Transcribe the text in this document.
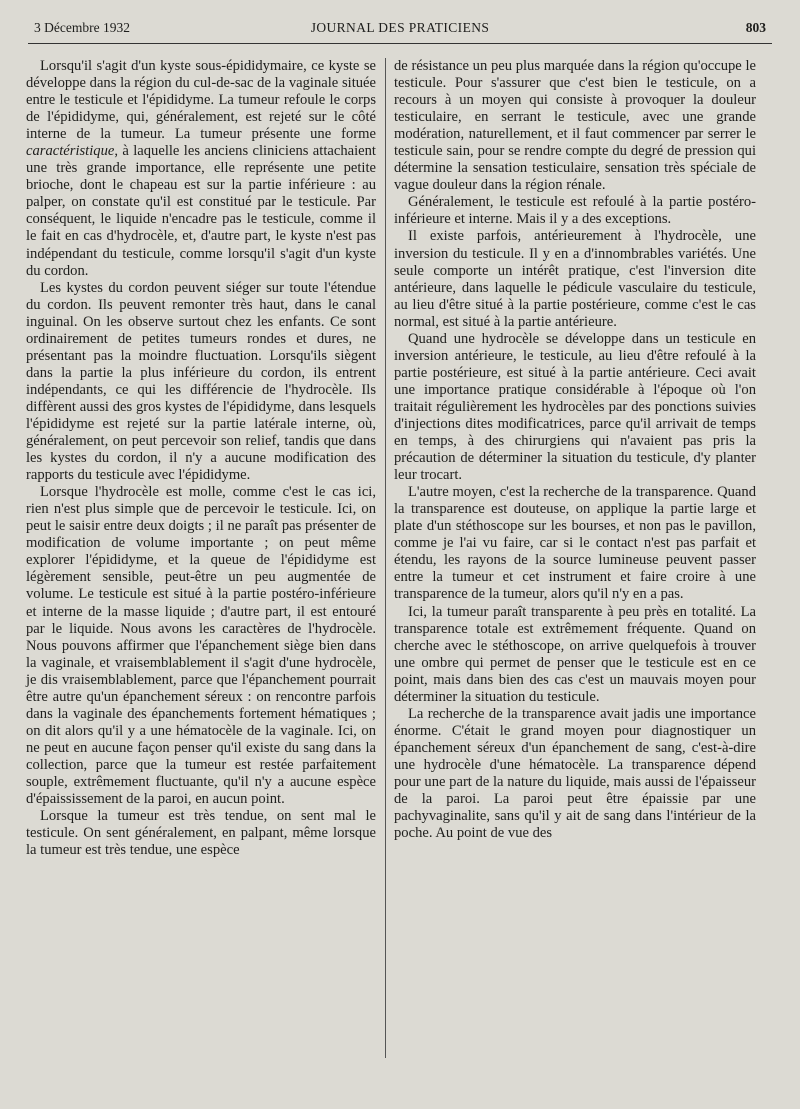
3 Décembre 1932	JOURNAL DES PRATICIENS	803

Lorsqu'il s'agit d'un kyste sous-épididymaire, ce kyste se développe dans la région du cul-de-sac de la vaginale située entre le testicule et l'épididyme. La tumeur refoule le corps de l'épididyme, qui, généralement, est rejeté sur le côté interne de la tumeur. La tumeur présente une forme caractéristique, à laquelle les anciens cliniciens attachaient une très grande importance, elle représente une petite brioche, dont le chapeau est sur la partie inférieure : au palper, on constate qu'il est constitué par le testicule. Par conséquent, le liquide n'encadre pas le testicule, comme il le fait en cas d'hydrocèle, et, d'autre part, le kyste n'est pas indépendant du testicule, comme lorsqu'il s'agit d'un kyste du cordon.

Les kystes du cordon peuvent siéger sur toute l'étendue du cordon. Ils peuvent remonter très haut, dans le canal inguinal. On les observe surtout chez les enfants. Ce sont ordinairement de petites tumeurs rondes et dures, ne présentant pas la moindre fluctuation. Lorsqu'ils siègent dans la partie la plus inférieure du cordon, ils entrent indépendants, ce qui les différencie de l'hydrocèle. Ils diffèrent aussi des gros kystes de l'épididyme, dans lesquels l'épididyme est rejeté sur la partie latérale interne, où, généralement, on peut percevoir son relief, tandis que dans les kystes du cordon, il n'y a aucune modification des rapports du testicule avec l'épididyme.

Lorsque l'hydrocèle est molle, comme c'est le cas ici, rien n'est plus simple que de percevoir le testicule. Ici, on peut le saisir entre deux doigts ; il ne paraît pas présenter de modification de volume importante ; on peut même explorer l'épididyme, et la queue de l'épididyme est légèrement sensible, peut-être un peu augmentée de volume. Le testicule est situé à la partie postéro-inférieure et interne de la masse liquide ; d'autre part, il est entouré par le liquide. Nous avons les caractères de l'hydrocèle. Nous pouvons affirmer que l'épanchement siège bien dans la vaginale, et vraisemblablement il s'agit d'une hydrocèle, je dis vraisemblablement, parce que l'épanchement pourrait être autre qu'un épanchement séreux : on rencontre parfois dans la vaginale des épanchements fortement hématiques ; on dit alors qu'il y a une hématocèle de la vaginale. Ici, on ne peut en aucune façon penser qu'il existe du sang dans la collection, parce que la tumeur est restée parfaitement souple, extrêmement fluctuante, qu'il n'y a aucune espèce d'épaississement de la paroi, en aucun point.

Lorsque la tumeur est très tendue, on sent mal le testicule. On sent généralement, en palpant, même lorsque la tumeur est très tendue, une espèce

de résistance un peu plus marquée dans la région qu'occupe le testicule. Pour s'assurer que c'est bien le testicule, on a recours à un moyen qui consiste à provoquer la douleur testiculaire, en serrant le testicule, avec une grande modération, naturellement, et il faut commencer par serrer le testicule sain, pour se rendre compte du degré de pression qui détermine la sensation testiculaire, sensation très spéciale de vague douleur dans la région rénale.

Généralement, le testicule est refoulé à la partie postéro-inférieure et interne. Mais il y a des exceptions.

Il existe parfois, antérieurement à l'hydrocèle, une inversion du testicule. Il y en a d'innombrables variétés. Une seule comporte un intérêt pratique, c'est l'inversion dite antérieure, dans laquelle le pédicule vasculaire du testicule, au lieu d'être situé à la partie postérieure, comme c'est le cas normal, est situé à la partie antérieure.

Quand une hydrocèle se développe dans un testicule en inversion antérieure, le testicule, au lieu d'être refoulé à la partie postérieure, est situé à la partie antérieure. Ceci avait une importance pratique considérable à l'époque où l'on traitait régulièrement les hydrocèles par des ponctions suivies d'injections dites modificatrices, parce qu'il arrivait de temps en temps, à des chirurgiens qui n'avaient pas pris la précaution de déterminer la situation du testicule, d'y planter leur trocart.

L'autre moyen, c'est la recherche de la transparence. Quand la transparence est douteuse, on applique la partie large et plate d'un stéthoscope sur les bourses, et non pas le pavillon, comme je l'ai vu faire, car si le contact n'est pas parfait et étendu, les rayons de la source lumineuse peuvent passer entre la tumeur et cet instrument et faire croire à une transparence de la tumeur, alors qu'il n'y en a pas.

Ici, la tumeur paraît transparente à peu près en totalité. La transparence totale est extrêmement fréquente. Quand on cherche avec le stéthoscope, on arrive quelquefois à trouver une ombre qui permet de penser que le testicule est en ce point, mais dans bien des cas c'est un mauvais moyen pour déterminer la situation du testicule.

La recherche de la transparence avait jadis une importance énorme. C'était le grand moyen pour diagnostiquer un épanchement séreux d'un épanchement de sang, c'est-à-dire une hydrocèle d'une hématocèle. La transparence dépend pour une part de la nature du liquide, mais aussi de l'épaisseur de la paroi. La paroi peut être épaissie par une pachyvaginalite, sans qu'il y ait de sang dans l'intérieur de la poche. Au point de vue des
